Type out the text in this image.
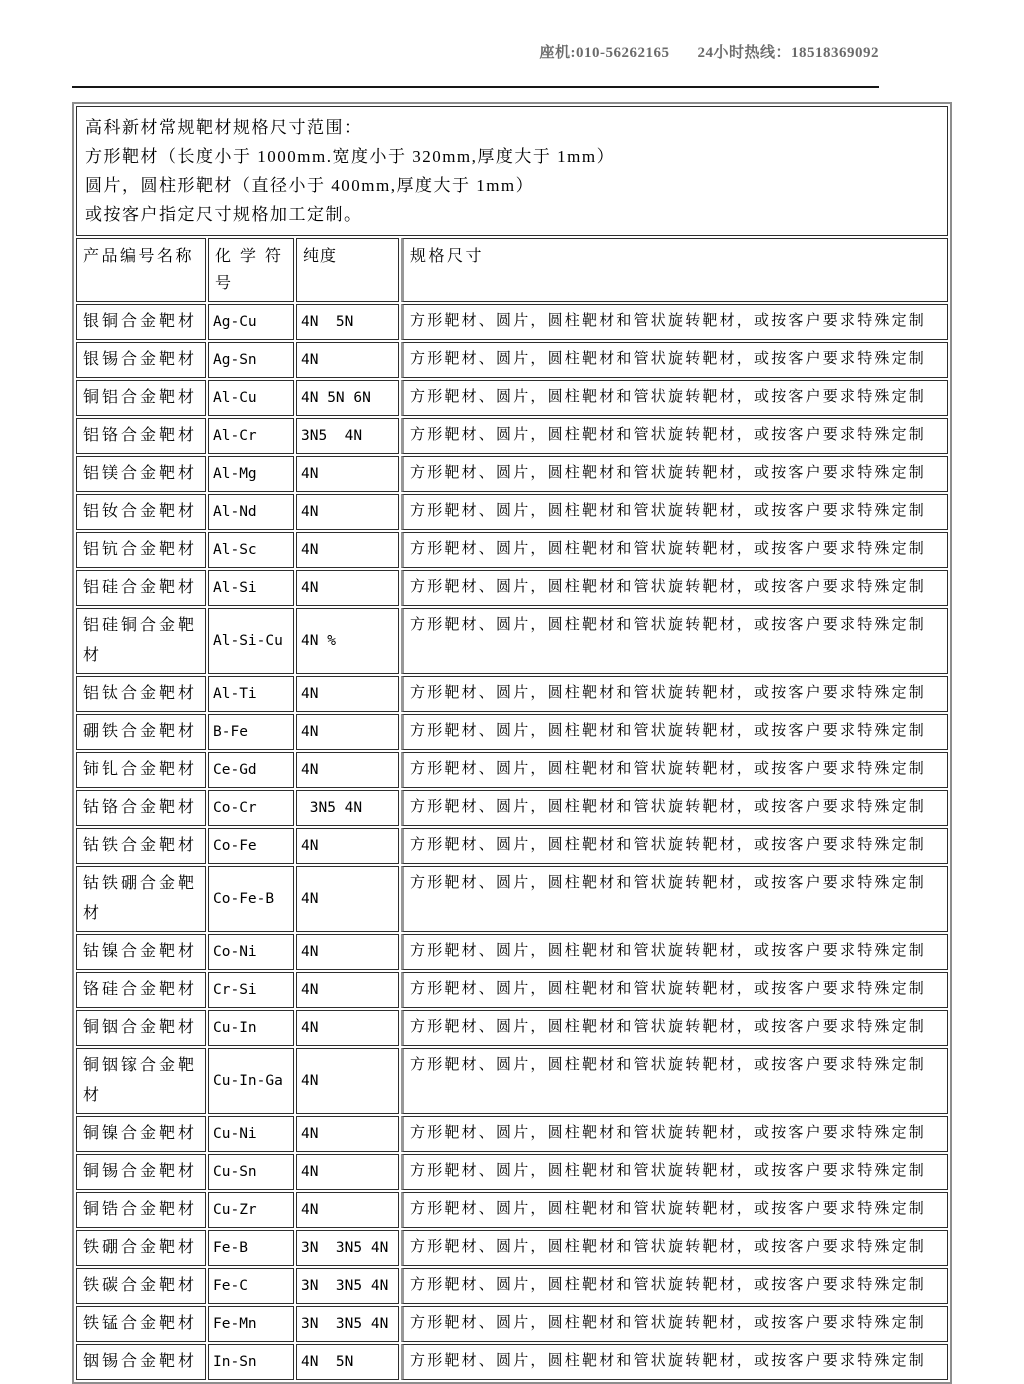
座机:010-56262165 24小时热线：18518369092

高科新材常规靶材规格尺寸范围：
方形靶材（长度小于 1000mm.宽度小于 320mm,厚度大于 1mm）
圆片，圆柱形靶材（直径小于 400mm,厚度大于 1mm）
或按客户指定尺寸规格加工定制。			

产品编号名称	化 学 符号	纯度	规格尺寸
银铜合金靶材	Ag-Cu	4N  5N	方形靶材、圆片，圆柱靶材和管状旋转靶材，或按客户要求特殊定制
银锡合金靶材	Ag-Sn	4N	方形靶材、圆片，圆柱靶材和管状旋转靶材，或按客户要求特殊定制
铜铝合金靶材	Al-Cu	4N 5N 6N	方形靶材、圆片，圆柱靶材和管状旋转靶材，或按客户要求特殊定制
铝铬合金靶材	Al-Cr	3N5  4N	方形靶材、圆片，圆柱靶材和管状旋转靶材，或按客户要求特殊定制
铝镁合金靶材	Al-Mg	4N	方形靶材、圆片，圆柱靶材和管状旋转靶材，或按客户要求特殊定制
铝钕合金靶材	Al-Nd	4N	方形靶材、圆片，圆柱靶材和管状旋转靶材，或按客户要求特殊定制
铝钪合金靶材	Al-Sc	4N	方形靶材、圆片，圆柱靶材和管状旋转靶材，或按客户要求特殊定制
铝硅合金靶材	Al-Si	4N	方形靶材、圆片，圆柱靶材和管状旋转靶材，或按客户要求特殊定制
铝硅铜合金靶材	Al-Si-Cu	4N %	方形靶材、圆片，圆柱靶材和管状旋转靶材，或按客户要求特殊定制
铝钛合金靶材	Al-Ti	4N	方形靶材、圆片，圆柱靶材和管状旋转靶材，或按客户要求特殊定制
硼铁合金靶材	B-Fe	4N	方形靶材、圆片，圆柱靶材和管状旋转靶材，或按客户要求特殊定制
铈钆合金靶材	Ce-Gd	4N	方形靶材、圆片，圆柱靶材和管状旋转靶材，或按客户要求特殊定制
钴铬合金靶材	Co-Cr	3N5 4N	方形靶材、圆片，圆柱靶材和管状旋转靶材，或按客户要求特殊定制
钴铁合金靶材	Co-Fe	4N	方形靶材、圆片，圆柱靶材和管状旋转靶材，或按客户要求特殊定制
钴铁硼合金靶材	Co-Fe-B	4N	方形靶材、圆片，圆柱靶材和管状旋转靶材，或按客户要求特殊定制
钴镍合金靶材	Co-Ni	4N	方形靶材、圆片，圆柱靶材和管状旋转靶材，或按客户要求特殊定制
铬硅合金靶材	Cr-Si	4N	方形靶材、圆片，圆柱靶材和管状旋转靶材，或按客户要求特殊定制
铜铟合金靶材	Cu-In	4N	方形靶材、圆片，圆柱靶材和管状旋转靶材，或按客户要求特殊定制
铜铟镓合金靶材	Cu-In-Ga	4N	方形靶材、圆片，圆柱靶材和管状旋转靶材，或按客户要求特殊定制
铜镍合金靶材	Cu-Ni	4N	方形靶材、圆片，圆柱靶材和管状旋转靶材，或按客户要求特殊定制
铜锡合金靶材	Cu-Sn	4N	方形靶材、圆片，圆柱靶材和管状旋转靶材，或按客户要求特殊定制
铜锆合金靶材	Cu-Zr	4N	方形靶材、圆片，圆柱靶材和管状旋转靶材，或按客户要求特殊定制
铁硼合金靶材	Fe-B	3N  3N5 4N	方形靶材、圆片，圆柱靶材和管状旋转靶材，或按客户要求特殊定制
铁碳合金靶材	Fe-C	3N  3N5 4N	方形靶材、圆片，圆柱靶材和管状旋转靶材，或按客户要求特殊定制
铁锰合金靶材	Fe-Mn	3N  3N5 4N	方形靶材、圆片，圆柱靶材和管状旋转靶材，或按客户要求特殊定制
铟锡合金靶材	In-Sn	4N  5N	方形靶材、圆片，圆柱靶材和管状旋转靶材，或按客户要求特殊定制
